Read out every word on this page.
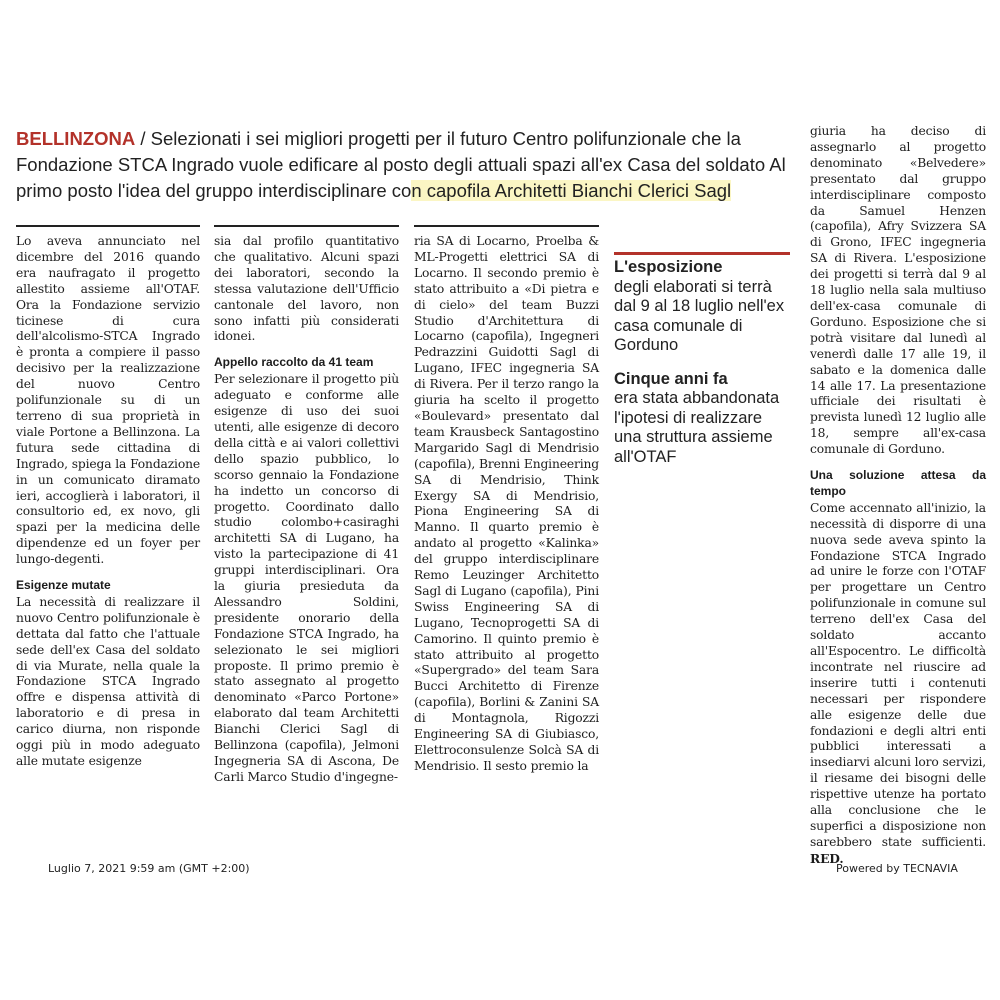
BELLINZONA / Selezionati i sei migliori progetti per il futuro Centro polifunzionale che la Fondazione STCA Ingrado vuole edificare al posto degli attuali spazi all'ex Casa del soldato Al primo posto l'idea del gruppo interdisciplinare con capofila Architetti Bianchi Clerici Sagl

Lo aveva annunciato nel dicembre del 2016 quando era naufragato il progetto allestito assieme all'OTAF. Ora la Fondazione servizio ticinese di cura dell'alcolismo-STCA Ingrado è pronta a compiere il passo decisivo per la realizzazione del nuovo Centro polifunzionale su di un terreno di sua proprietà in viale Portone a Bellinzona. La futura sede cittadina di Ingrado, spiega la Fondazione in un comunicato diramato ieri, accoglierà i laboratori, il consultorio ed, ex novo, gli spazi per la medicina delle dipendenze ed un foyer per lungo-degenti.

Esigenze mutate

La necessità di realizzare il nuovo Centro polifunzionale è dettata dal fatto che l'attuale sede dell'ex Casa del soldato di via Murate, nella quale la Fondazione STCA Ingrado offre e dispensa attività di laboratorio e di presa in carico diurna, non risponde oggi più in modo adeguato alle mutate esigenze

sia dal profilo quantitativo che qualitativo. Alcuni spazi dei laboratori, secondo la stessa valutazione dell'Ufficio cantonale del lavoro, non sono infatti più considerati idonei.

Appello raccolto da 41 team

Per selezionare il progetto più adeguato e conforme alle esigenze di uso dei suoi utenti, alle esigenze di decoro della città e ai valori collettivi dello spazio pubblico, lo scorso gennaio la Fondazione ha indetto un concorso di progetto. Coordinato dallo studio colombo+casiraghi architetti SA di Lugano, ha visto la partecipazione di 41 gruppi interdisciplinari. Ora la giuria presieduta da Alessandro Soldini, presidente onorario della Fondazione STCA Ingrado, ha selezionato le sei migliori proposte. Il primo premio è stato assegnato al progetto denominato «Parco Portone» elaborato dal team Architetti Bianchi Clerici Sagl di Bellinzona (capofila), Jelmoni Ingegneria SA di Ascona, De Carli Marco Studio d'ingegne-

ria SA di Locarno, Proelba & ML-Progetti elettrici SA di Locarno. Il secondo premio è stato attribuito a «Di pietra e di cielo» del team Buzzi Studio d'Architettura di Locarno (capofila), Ingegneri Pedrazzini Guidotti Sagl di Lugano, IFEC ingegneria SA di Rivera. Per il terzo rango la giuria ha scelto il progetto «Boulevard» presentato dal team Krausbeck Santagostino Margarido Sagl di Mendrisio (capofila), Brenni Engineering SA di Mendrisio, Think Exergy SA di Mendrisio, Piona Engineering SA di Manno. Il quarto premio è andato al progetto «Kalinka» del gruppo interdisciplinare Remo Leuzinger Architetto Sagl di Lugano (capofila), Pini Swiss Engineering SA di Lugano, Tecnoprogetti SA di Camorino. Il quinto premio è stato attribuito al progetto «Supergrado» del team Sara Bucci Architetto di Firenze (capofila), Borlini & Zanini SA di Montagnola, Rigozzi Engineering SA di Giubiasco, Elettroconsulenze Solcà SA di Mendrisio. Il sesto premio la

L'esposizione
degli elaborati si terrà dal 9 al 18 luglio nell'ex casa comunale di Gorduno
Cinque anni fa
era stata abbandonata l'ipotesi di realizzare una struttura assieme all'OTAF

giuria ha deciso di assegnarlo al progetto denominato «Belvedere» presentato dal gruppo interdisciplinare composto da Samuel Henzen (capofila), Afry Svizzera SA di Grono, IFEC ingegneria SA di Rivera. L'esposizione dei progetti si terrà dal 9 al 18 luglio nella sala multiuso dell'ex-casa comunale di Gorduno. Esposizione che si potrà visitare dal lunedì al venerdì dalle 17 alle 19, il sabato e la domenica dalle 14 alle 17. La presentazione ufficiale dei risultati è prevista lunedì 12 luglio alle 18, sempre all'ex-casa comunale di Gorduno.

Una soluzione attesa da tempo

Come accennato all'inizio, la necessità di disporre di una nuova sede aveva spinto la Fondazione STCA Ingrado ad unire le forze con l'OTAF per progettare un Centro polifunzionale in comune sul terreno dell'ex Casa del soldato accanto all'Espocentro. Le difficoltà incontrate nel riuscire ad inserire tutti i contenuti necessari per rispondere alle esigenze delle due fondazioni e degli altri enti pubblici interessati a insediarvi alcuni loro servizi, il riesame dei bisogni delle rispettive utenze ha portato alla conclusione che le superfici a disposizione non sarebbero state sufficienti. RED.

Luglio 7, 2021 9:59 am (GMT +2:00)	Powered by TECNAVIA
